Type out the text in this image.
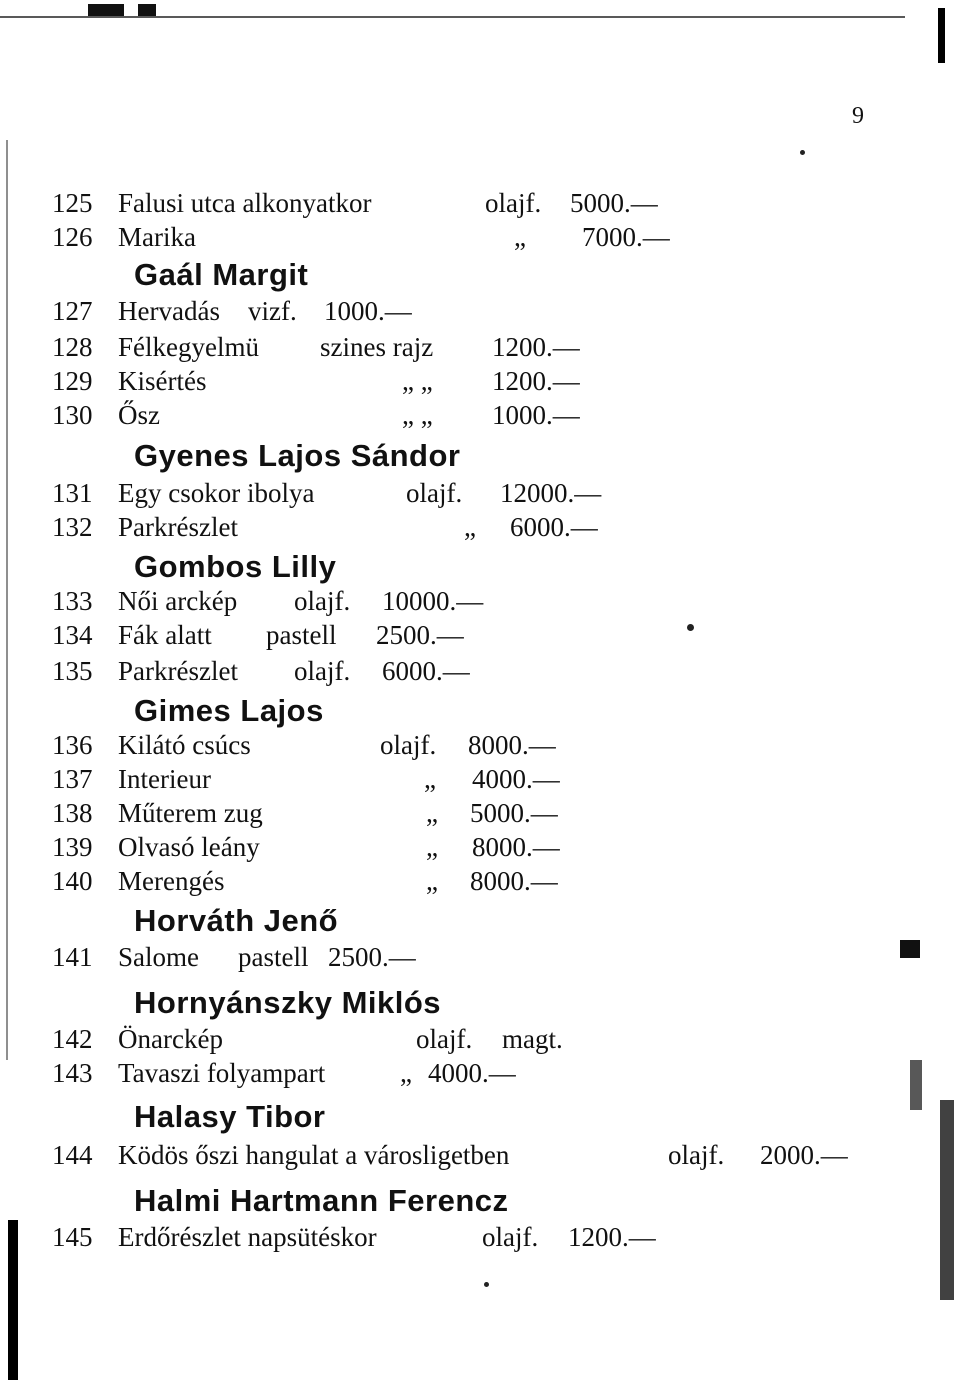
9
125 Falusi utca alkonyatkor	olajf. 5000.—
126 Marika	„ 7000.—
Gaál Margit
127 Hervadás vizf. 1000.—
128 Félkegyelmü szines rajz 1200.—
129 Kisértés	„ „ 1200.—
130 Ősz	„ „ 1000.—
Gyenes Lajos Sándor
131 Egy csokor ibolya	olajf. 12000.—
132 Parkrészlet	„ 6000.—
Gombos Lilly
133 Női arckép olajf. 10000.—
134 Fák alatt pastell 2500.—
135 Parkrészlet olajf. 6000.—
Gimes Lajos
136 Kilátó csúcs	olajf. 8000.—
137 Interieur	„ 4000.—
138 Műterem zug	„ 5000.—
139 Olvasó leány	„ 8000.—
140 Merengés	„ 8000.—
Horváth Jenő
141 Salome pastell 2500.—
Hornyánszky Miklós
142 Önarckép	olajf. magt.
143 Tavaszi folyampart	„ 4000.—
Halasy Tibor
144 Ködös őszi hangulat a városligetben	olajf. 2000.—
Halmi Hartmann Ferencz
145 Erdőrészlet napsütéskor	olajf. 1200.—
